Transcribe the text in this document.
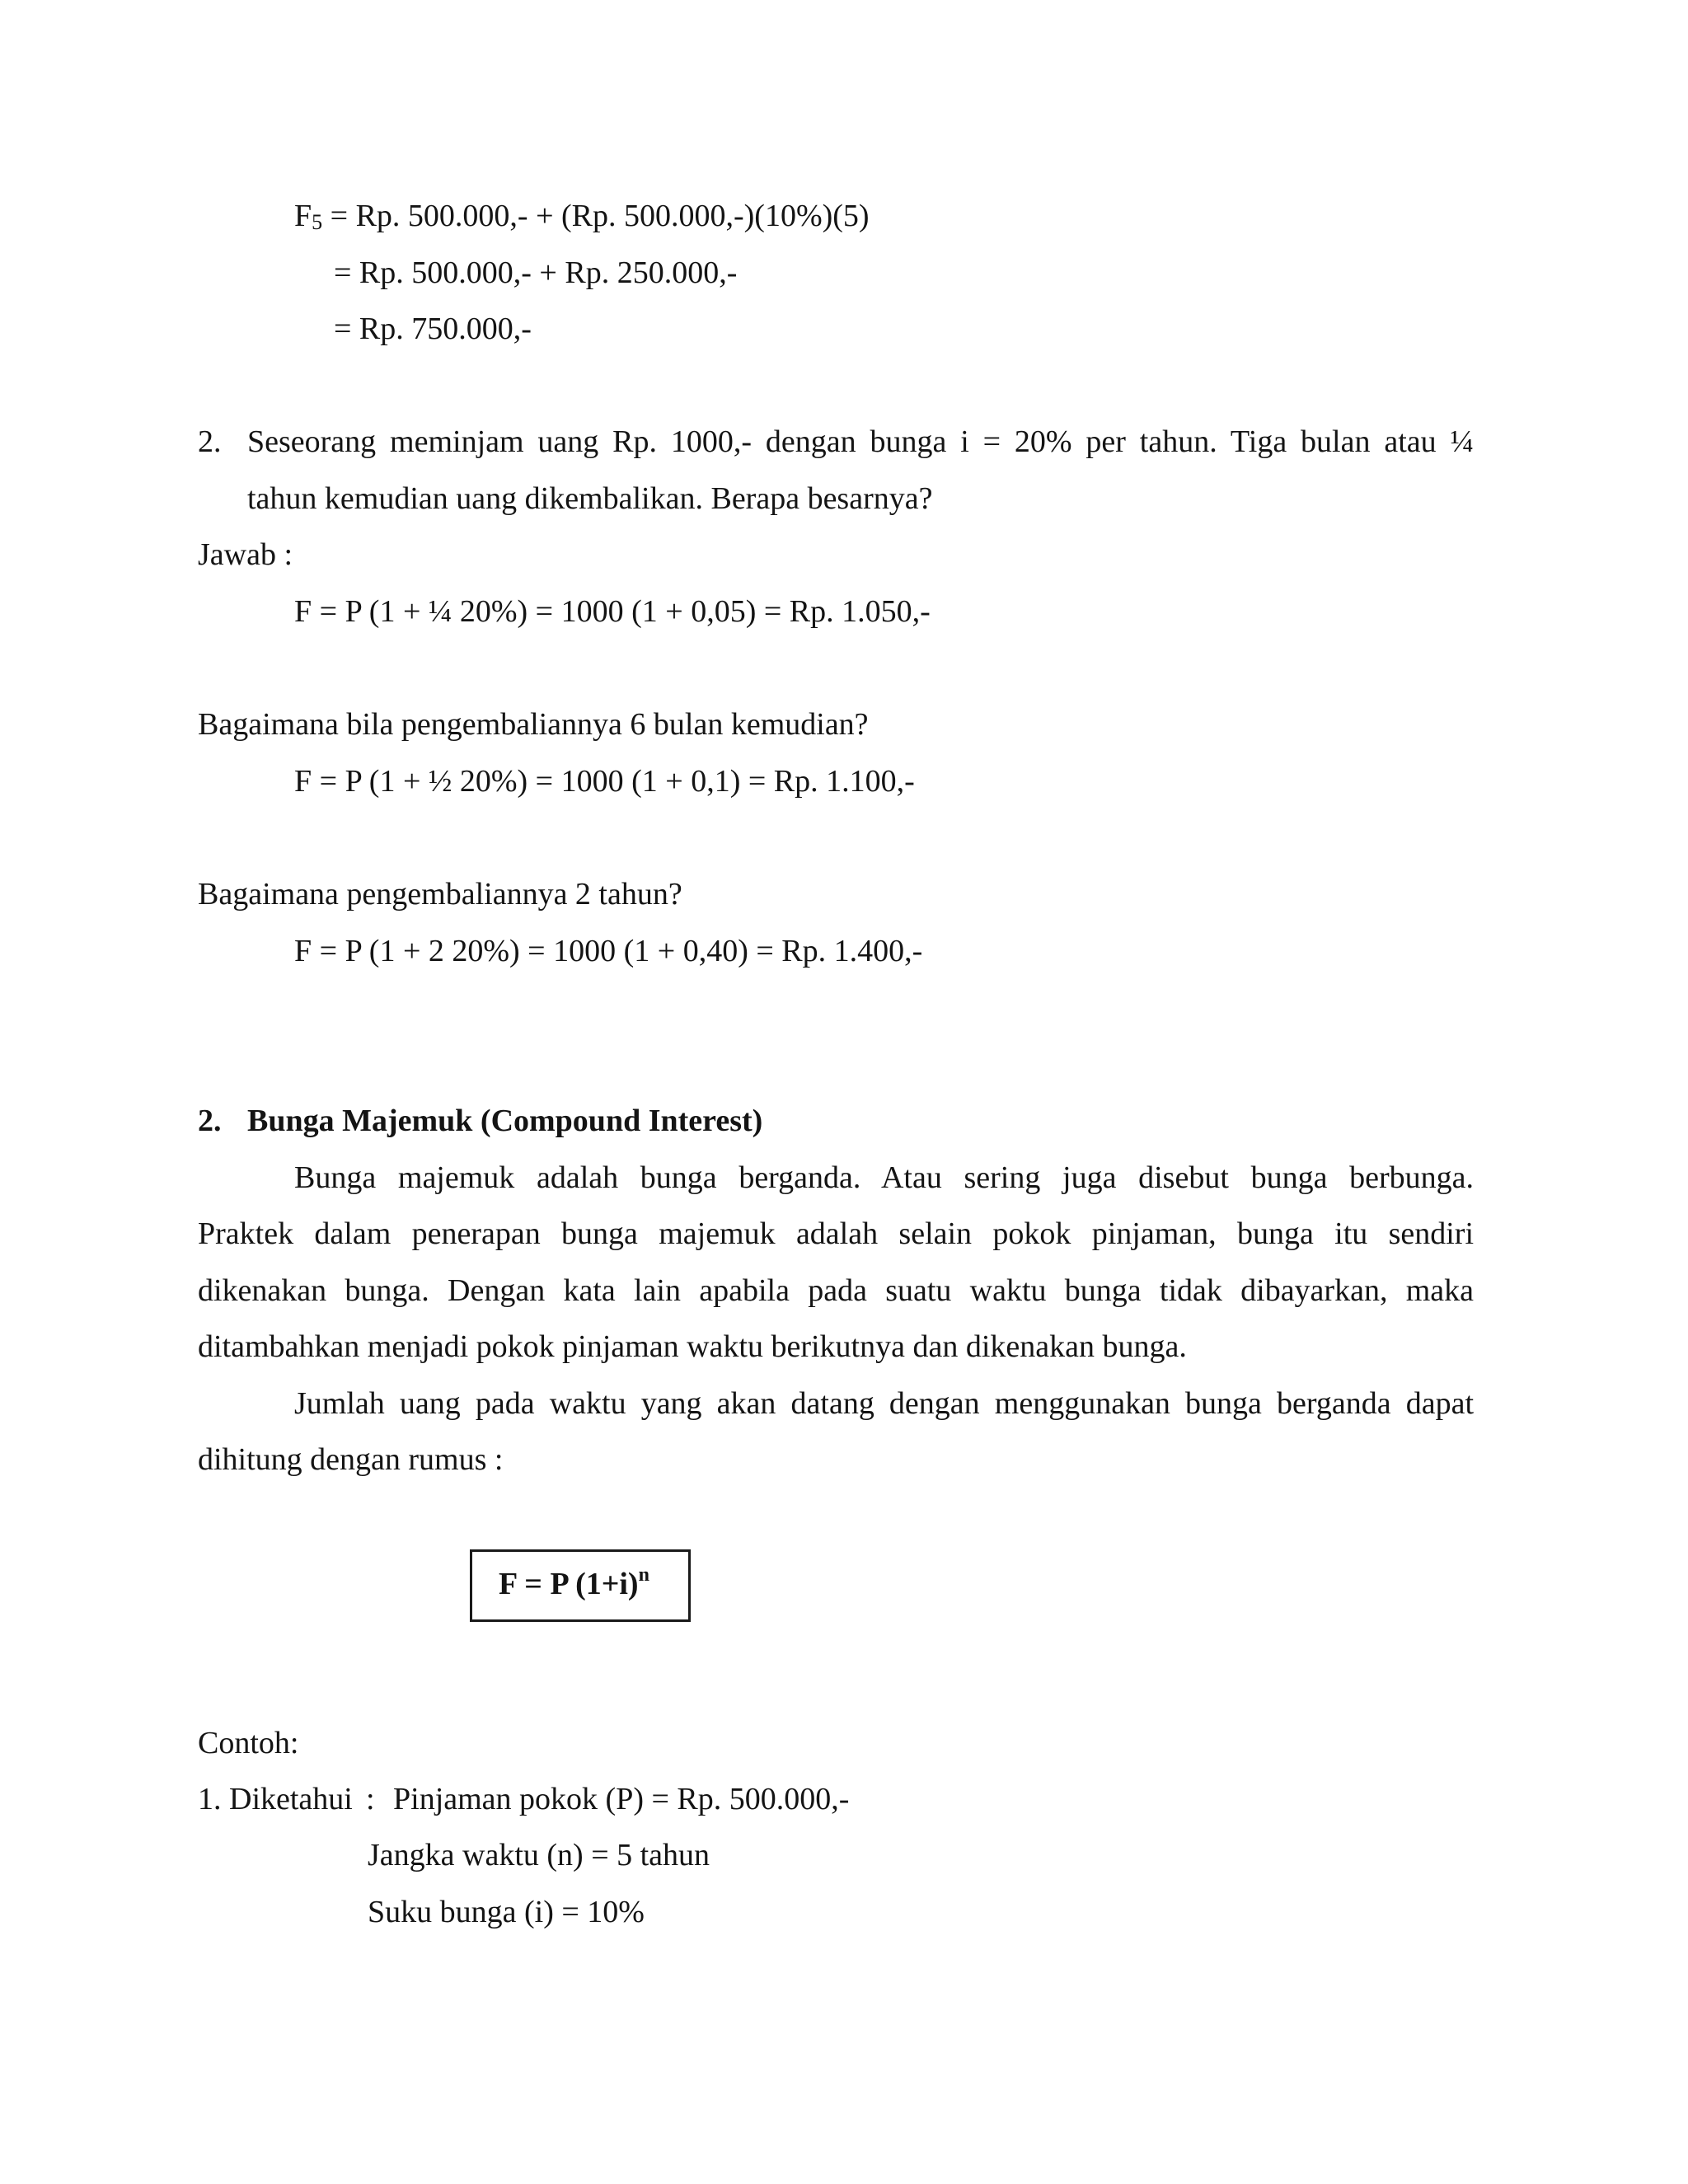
$F_5 = Rp$. 500.000,- + (Rp. 500.000,-)(10%)(5)
= Rp. 500.000,- + Rp. 250.000,-
= Rp. 750.000,-
2. Seseorang meminjam uang Rp. 1000,- dengan bunga i = 20% per tahun. Tiga bulan atau ¼
tahun kemudian uang dikembalikan. Berapa besarnya?
Jawab :
F = P (1 + ¼ 20%) = 1000 (1 + 0,05) = Rp. 1.050,-
Bagaimana bila pengembaliannya 6 bulan kemudian?
F = P (1 + ½ 20%) = 1000 (1 + 0,1) = Rp. 1.100,-
Bagaimana pengembaliannya 2 tahun?
F = P (1 + 2 20%) = 1000 (1 + 0,40) = Rp. 1.400,-
2. Bunga Majemuk (Compound Interest)
Bunga majemuk adalah bunga berganda. Atau sering juga disebut bunga berbunga.
Praktek dalam penerapan bunga majemuk adalah selain pokok pinjaman, bunga itu sendiri
dikenakan bunga. Dengan kata lain apabila pada suatu waktu bunga tidak dibayarkan, maka
ditambahkan menjadi pokok pinjaman waktu berikutnya dan dikenakan bunga.
Jumlah uang pada waktu yang akan datang dengan menggunakan bunga berganda dapat
dihitung dengan rumus :
F = P $(1+i)^n$
Contoh:
1. Diketahui : Pinjaman pokok (P) = Rp. 500.000,-
Jangka waktu (n) = 5 tahun
Suku bunga (i) = 10%
